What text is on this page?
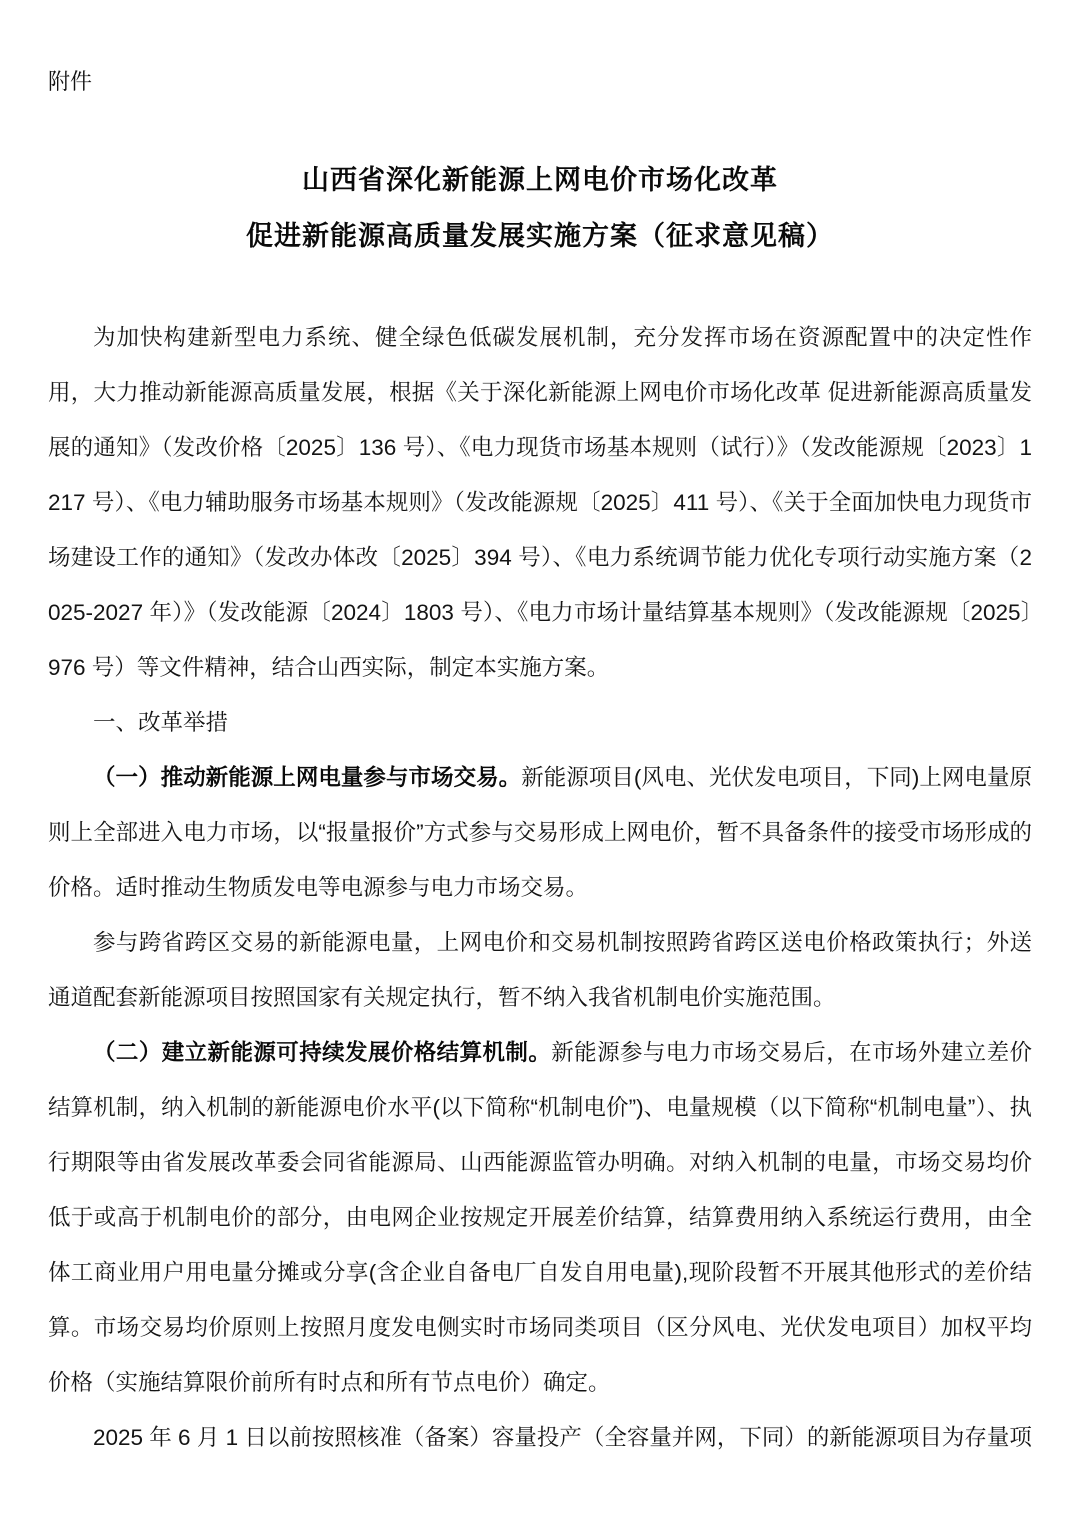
附件
山西省深化新能源上网电价市场化改革
促进新能源高质量发展实施方案（征求意见稿）

为加快构建新型电力系统、健全绿色低碳发展机制，充分发挥市场在资源配置中的决定性作用，大力推动新能源高质量发展，根据《关于深化新能源上网电价市场化改革 促进新能源高质量发展的通知》（发改价格〔2025〕136 号）、《电力现货市场基本规则（试行）》（发改能源规〔2023〕1217 号）、《电力辅助服务市场基本规则》（发改能源规〔2025〕411 号）、《关于全面加快电力现货市场建设工作的通知》（发改办体改〔2025〕394 号）、《电力系统调节能力优化专项行动实施方案（2025-2027 年）》（发改能源〔2024〕1803 号）、《电力市场计量结算基本规则》（发改能源规〔2025〕976 号）等文件精神，结合山西实际，制定本实施方案。

一、改革举措

（一）推动新能源上网电量参与市场交易。新能源项目(风电、光伏发电项目，下同)上网电量原则上全部进入电力市场，以“报量报价”方式参与交易形成上网电价，暂不具备条件的接受市场形成的价格。适时推动生物质发电等电源参与电力市场交易。

参与跨省跨区交易的新能源电量，上网电价和交易机制按照跨省跨区送电价格政策执行；外送通道配套新能源项目按照国家有关规定执行，暂不纳入我省机制电价实施范围。

（二）建立新能源可持续发展价格结算机制。新能源参与电力市场交易后，在市场外建立差价结算机制，纳入机制的新能源电价水平(以下简称“机制电价”)、电量规模（以下简称“机制电量”）、执行期限等由省发展改革委会同省能源局、山西能源监管办明确。对纳入机制的电量，市场交易均价低于或高于机制电价的部分，由电网企业按规定开展差价结算，结算费用纳入系统运行费用，由全体工商业用户用电量分摊或分享(含企业自备电厂自发自用电量),现阶段暂不开展其他形式的差价结算。市场交易均价原则上按照月度发电侧实时市场同类项目（区分风电、光伏发电项目）加权平均价格（实施结算限价前所有时点和所有节点电价）确定。

2025 年 6 月 1 日以前按照核准（备案）容量投产（全容量并网，下同）的新能源项目为存量项
